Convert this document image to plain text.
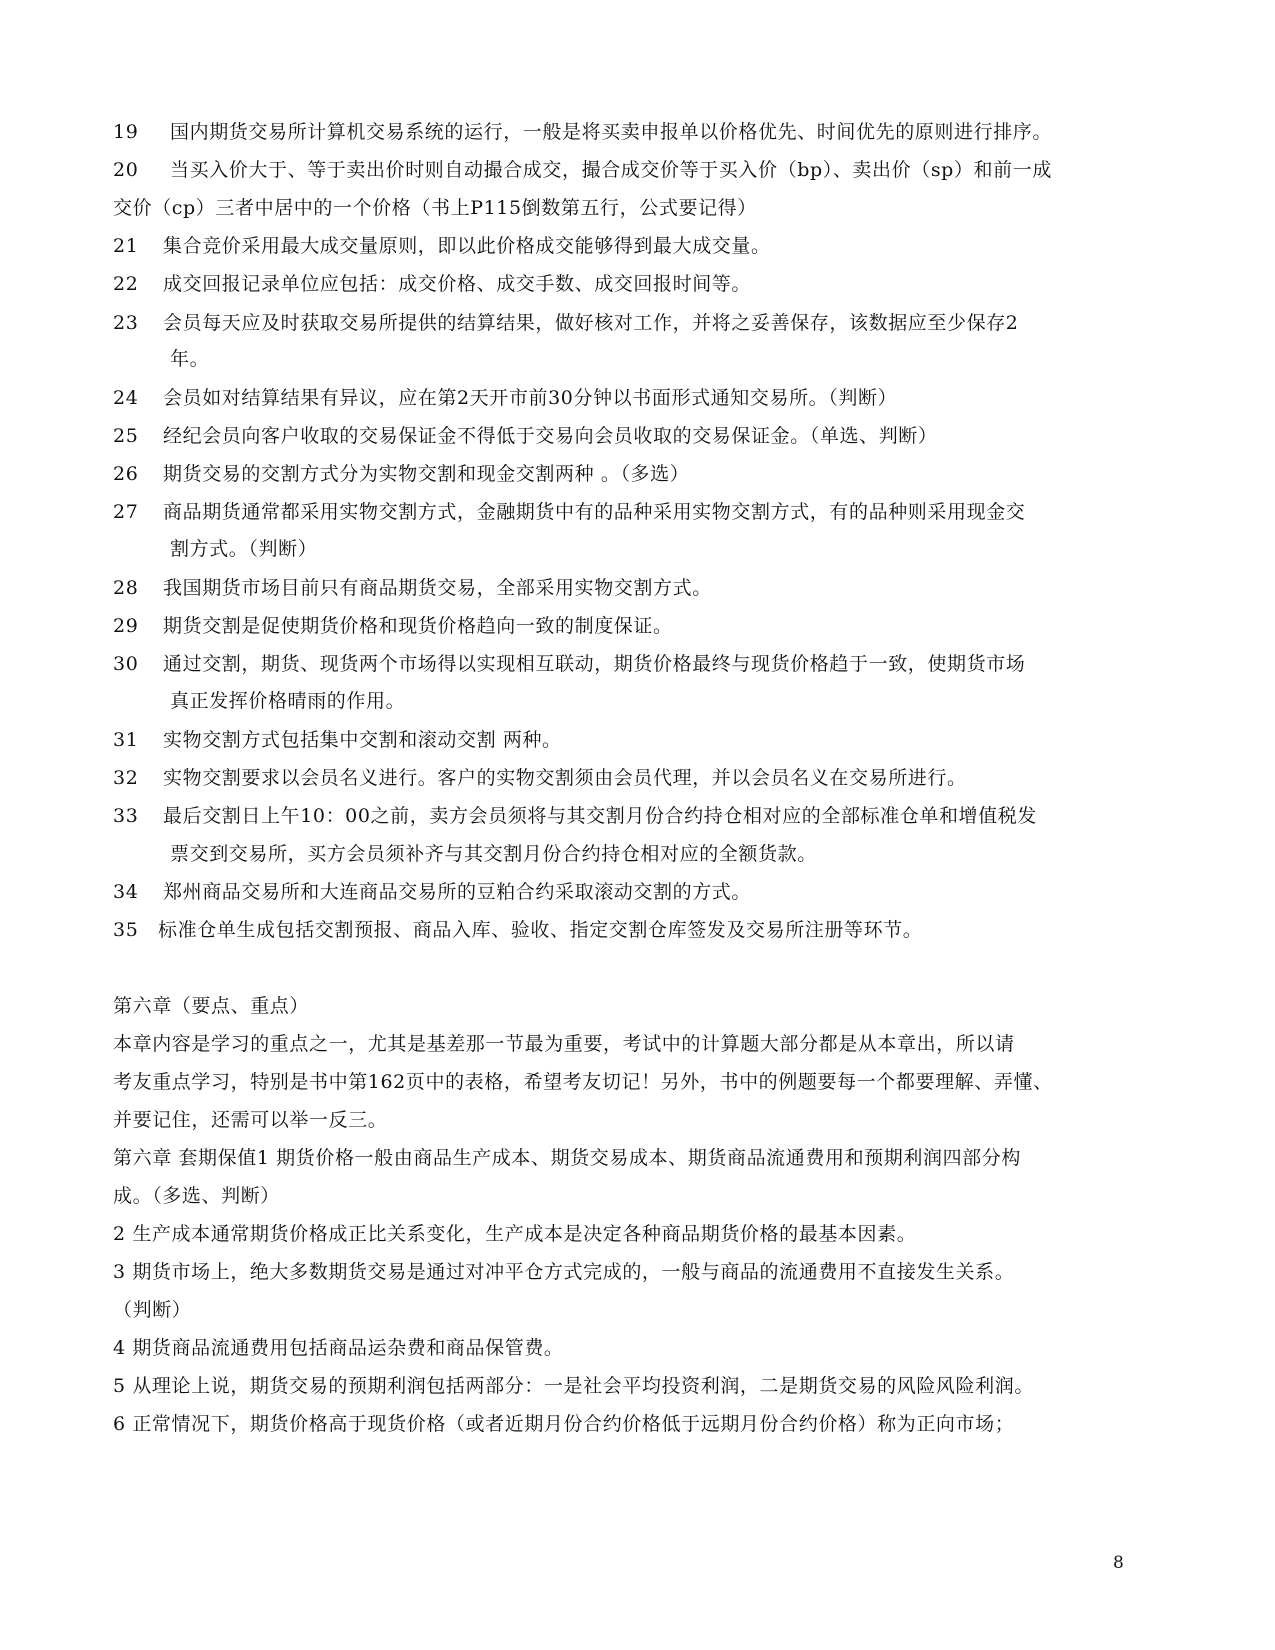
19 国内期货交易所计算机交易系统的运行，一般是将买卖申报单以价格优先、时间优先的原则进行排序。
20 当买入价大于、等于卖出价时则自动撮合成交，撮合成交价等于买入价（bp）、卖出价（sp）和前一成
交价（cp）三者中居中的一个价格（书上P115倒数第五行，公式要记得）
21 集合竞价采用最大成交量原则，即以此价格成交能够得到最大成交量。
22 成交回报记录单位应包括：成交价格、成交手数、成交回报时间等。
23 会员每天应及时获取交易所提供的结算结果，做好核对工作，并将之妥善保存，该数据应至少保存2
年。
24 会员如对结算结果有异议，应在第2天开市前30分钟以书面形式通知交易所。（判断）
25 经纪会员向客户收取的交易保证金不得低于交易向会员收取的交易保证金。（单选、判断）
26 期货交易的交割方式分为实物交割和现金交割两种 。（多选）
27 商品期货通常都采用实物交割方式，金融期货中有的品种采用实物交割方式，有的品种则采用现金交
割方式。（判断）
28 我国期货市场目前只有商品期货交易，全部采用实物交割方式。
29 期货交割是促使期货价格和现货价格趋向一致的制度保证。
30 通过交割，期货、现货两个市场得以实现相互联动，期货价格最终与现货价格趋于一致，使期货市场
真正发挥价格晴雨的作用。
31 实物交割方式包括集中交割和滚动交割 两种。
32 实物交割要求以会员名义进行。客户的实物交割须由会员代理，并以会员名义在交易所进行。
33 最后交割日上午10：00之前，卖方会员须将与其交割月份合约持仓相对应的全部标准仓单和增值税发
票交到交易所，买方会员须补齐与其交割月份合约持仓相对应的全额货款。
34 郑州商品交易所和大连商品交易所的豆粕合约采取滚动交割的方式。
35 标准仓单生成包括交割预报、商品入库、验收、指定交割仓库签发及交易所注册等环节。
第六章（要点、重点）
本章内容是学习的重点之一，尤其是基差那一节最为重要，考试中的计算题大部分都是从本章出，所以请
考友重点学习，特别是书中第162页中的表格，希望考友切记！另外，书中的例题要每一个都要理解、弄懂、
并要记住，还需可以举一反三。
第六章 套期保值1 期货价格一般由商品生产成本、期货交易成本、期货商品流通费用和预期利润四部分构
成。（多选、判断）
2 生产成本通常期货价格成正比关系变化，生产成本是决定各种商品期货价格的最基本因素。
3 期货市场上，绝大多数期货交易是通过对冲平仓方式完成的，一般与商品的流通费用不直接发生关系。
（判断）
4 期货商品流通费用包括商品运杂费和商品保管费。
5 从理论上说，期货交易的预期利润包括两部分：一是社会平均投资利润，二是期货交易的风险风险利润。
6 正常情况下，期货价格高于现货价格（或者近期月份合约价格低于远期月份合约价格）称为正向市场；
8
